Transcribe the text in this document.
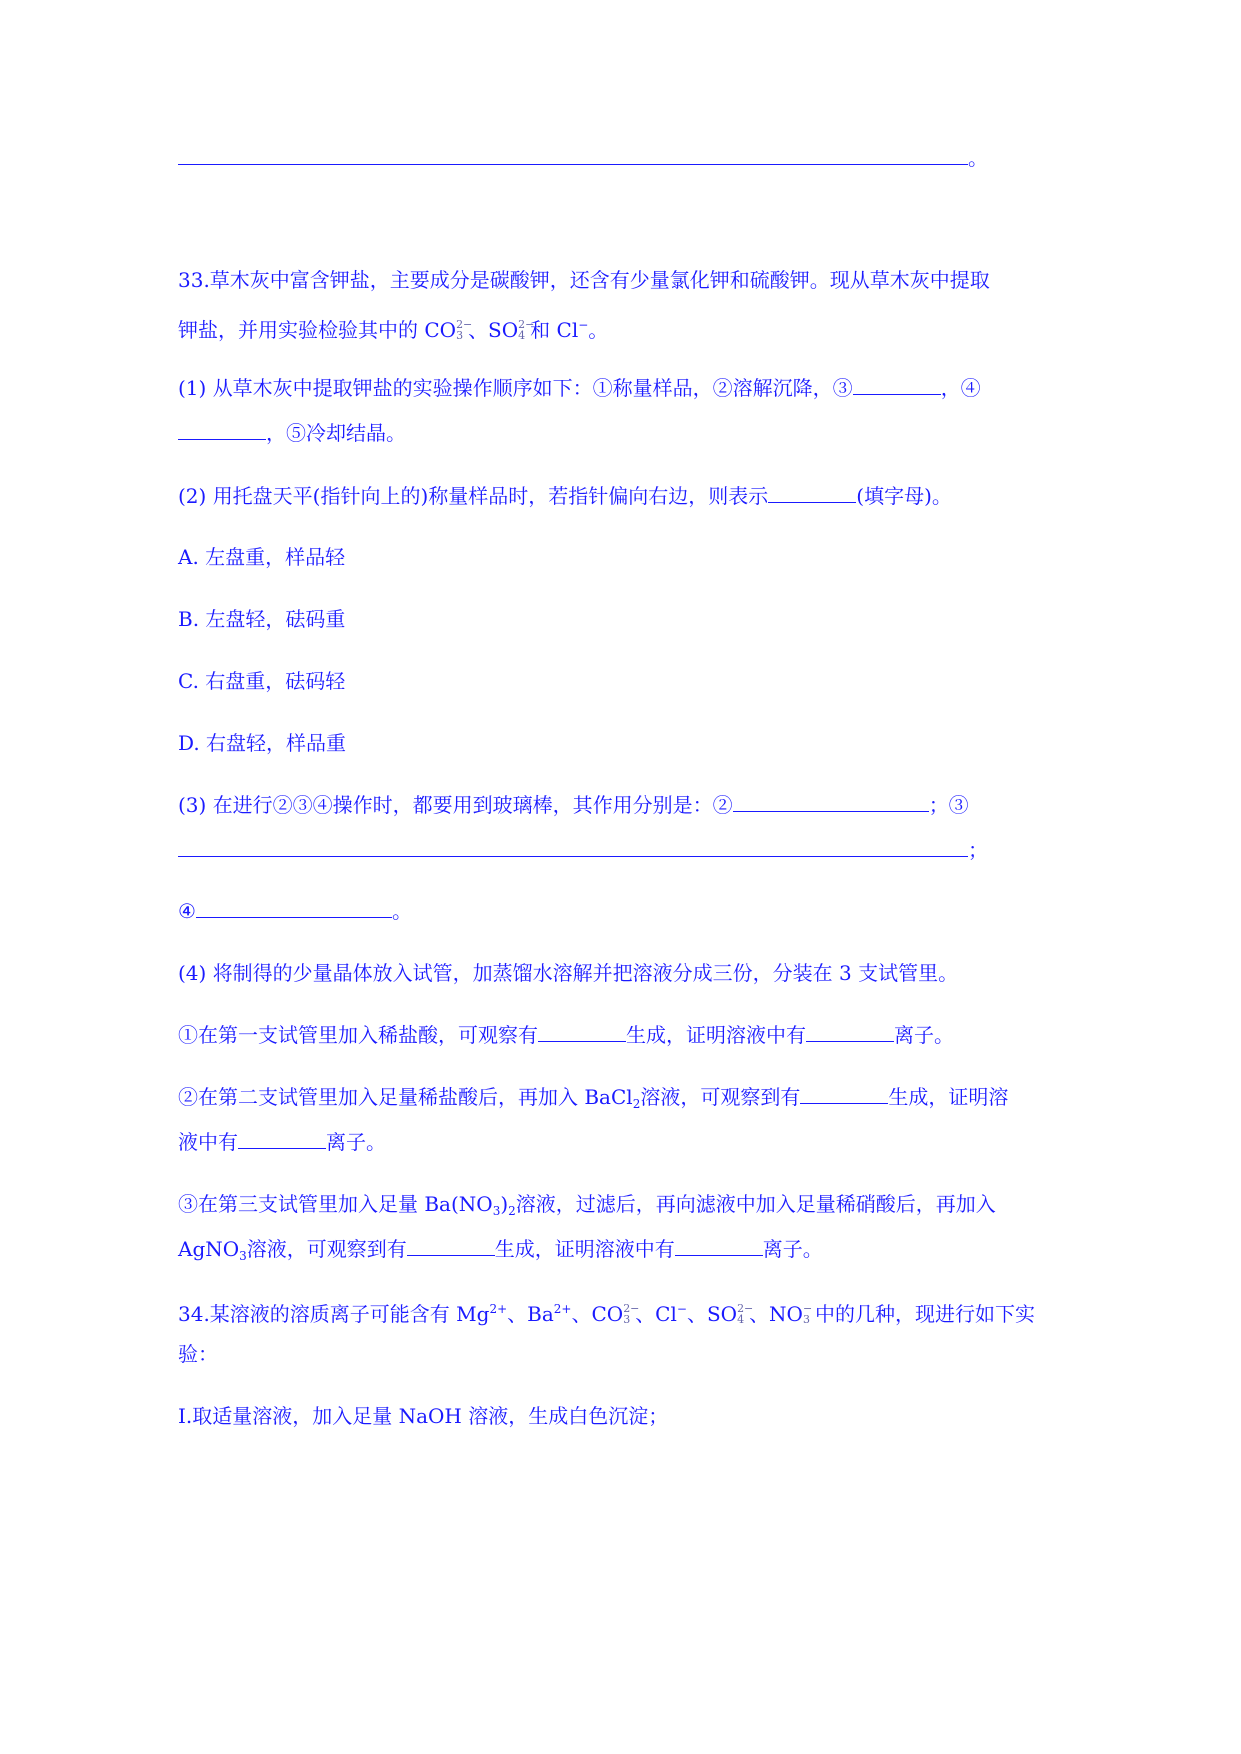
。
33.草木灰中富含钾盐，主要成分是碳酸钾，还含有少量氯化钾和硫酸钾。现从草木灰中提取
钾盐，并用实验检验其中的 CO 2−
3 、SO 2−
4 和 Cl−。
(1) 从草木灰中提取钾盐的实验操作顺序如下：①称量样品，②溶解沉降，③	，④
，⑤冷却结晶。
(2) 用托盘天平(指针向上的)称量样品时，若指针偏向右边，则表示	(填字母)。
A. 左盘重，样品轻
B. 左盘轻，砝码重
C. 右盘重，砝码轻
D. 右盘轻，样品重
(3) 在进行②③④操作时，都要用到玻璃棒，其作用分别是：②	；③
；
④	。
(4) 将制得的少量晶体放入试管，加蒸馏水溶解并把溶液分成三份，分装在 3 支试管里。
①在第一支试管里加入稀盐酸，可观察有	生成，证明溶液中有	离子。
②在第二支试管里加入足量稀盐酸后，再加入 BaCl$_2$溶液，可观察到有	生成，证明溶
液中有	离子。
③在第三支试管里加入足量 $Ba(NO_3)_2$溶液，过滤后，再向滤液中加入足量稀硝酸后，再加入
AgNO$_3$溶液，可观察到有	生成，证明溶液中有	离子。
34.某溶液的溶质离子可能含有 $Mg^{2+}$、$Ba^{2+}$、CO 2−
3 、Cl−、SO 2−
4 、NO −
3 中的几种，现进行如下实
验：
Ⅰ.取适量溶液，加入足量 NaOH 溶液，生成白色沉淀；
